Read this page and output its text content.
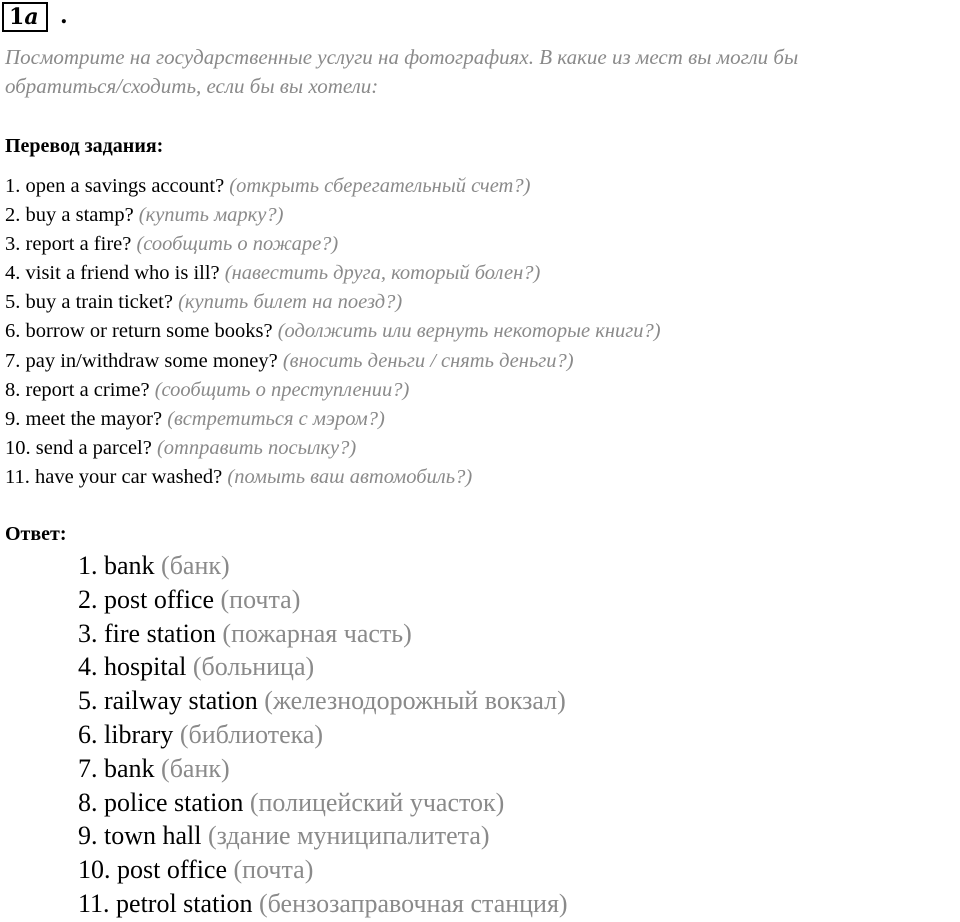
1a .
Посмотрите на государственные услуги на фотографиях. В какие из мест вы могли бы
обратиться/сходить, если бы вы хотели:
Перевод задания:
1. open a savings account? (открыть сберегательный счет?)
2. buy a stamp? (купить марку?)
3. report a fire? (сообщить о пожаре?)
4. visit a friend who is ill? (навестить друга, который болен?)
5. buy a train ticket? (купить билет на поезд?)
6. borrow or return some books? (одолжить или вернуть некоторые книги?)
7. pay in/withdraw some money? (вносить деньги / снять деньги?)
8. report a crime? (сообщить о преступлении?)
9. meet the mayor? (встретиться с мэром?)
10. send a parcel? (отправить посылку?)
11. have your car washed? (помыть ваш автомобиль?)
Ответ:
1. bank (банк)
2. post office (почта)
3. fire station (пожарная часть)
4. hospital (больница)
5. railway station (железнодорожный вокзал)
6. library (библиотека)
7. bank (банк)
8. police station (полицейский участок)
9. town hall (здание муниципалитета)
10. post office (почта)
11. petrol station (бензозаправочная станция)
